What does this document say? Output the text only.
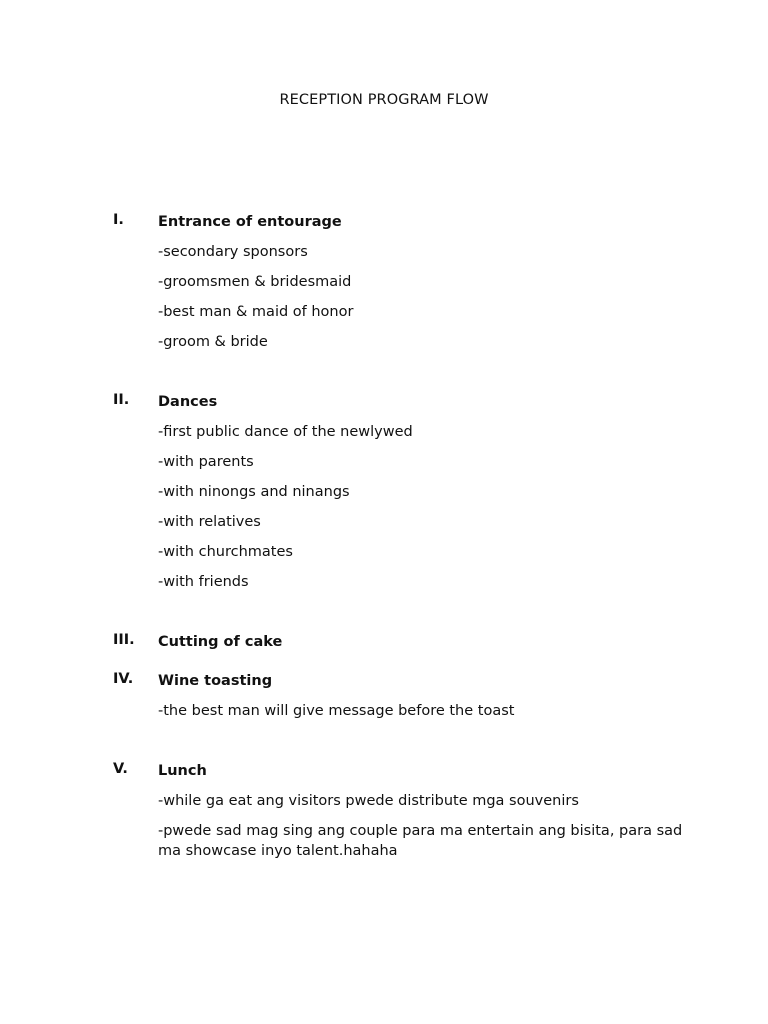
RECEPTION PROGRAM FLOW
I. Entrance of entourage
-secondary sponsors
-groomsmen & bridesmaid
-best man & maid of honor
-groom & bride
II. Dances
-first public dance of the newlywed
-with parents
-with ninongs and ninangs
-with relatives
-with churchmates
-with friends
III. Cutting of cake
IV. Wine toasting
-the best man will give message before the toast
V. Lunch
-while ga eat ang visitors pwede distribute mga souvenirs
-pwede sad mag sing ang couple para ma entertain ang bisita, para sad ma showcase inyo talent.hahaha
